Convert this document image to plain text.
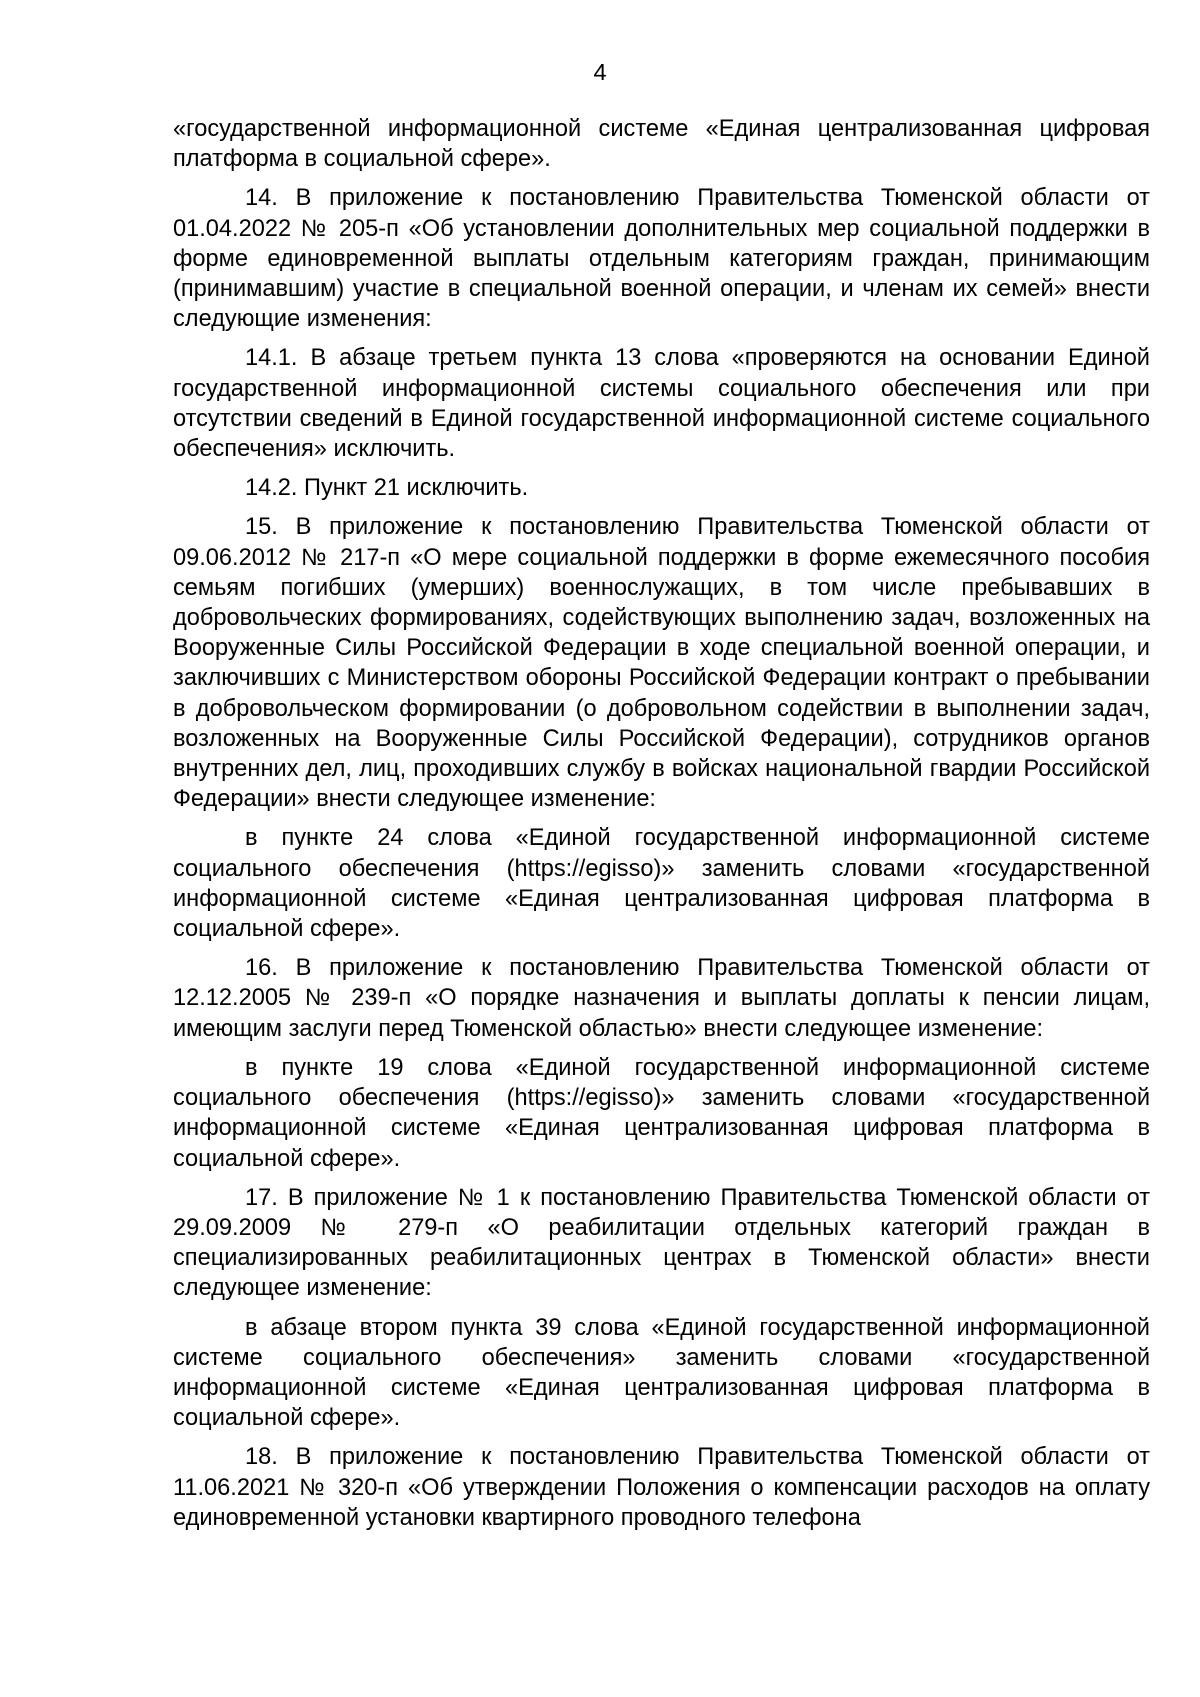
4

«государственной информационной системе «Единая централизованная цифровая платформа в социальной сфере».

14. В приложение к постановлению Правительства Тюменской области от 01.04.2022 № 205-п «Об установлении дополнительных мер социальной поддержки в форме единовременной выплаты отдельным категориям граждан, принимающим (принимавшим) участие в специальной военной операции, и членам их семей» внести следующие изменения:

14.1. В абзаце третьем пункта 13 слова «проверяются на основании Единой государственной информационной системы социального обеспечения или при отсутствии сведений в Единой государственной информационной системе социального обеспечения» исключить.

14.2. Пункт 21 исключить.

15. В приложение к постановлению Правительства Тюменской области от 09.06.2012 № 217-п «О мере социальной поддержки в форме ежемесячного пособия семьям погибших (умерших) военнослужащих, в том числе пребывавших в добровольческих формированиях, содействующих выполнению задач, возложенных на Вооруженные Силы Российской Федерации в ходе специальной военной операции, и заключивших с Министерством обороны Российской Федерации контракт о пребывании в добровольческом формировании (о добровольном содействии в выполнении задач, возложенных на Вооруженные Силы Российской Федерации), сотрудников органов внутренних дел, лиц, проходивших службу в войсках национальной гвардии Российской Федерации» внести следующее изменение:

в пункте 24 слова «Единой государственной информационной системе социального обеспечения (https://egisso)» заменить словами «государственной информационной системе «Единая централизованная цифровая платформа в социальной сфере».

16. В приложение к постановлению Правительства Тюменской области от 12.12.2005 № 239-п «О порядке назначения и выплаты доплаты к пенсии лицам, имеющим заслуги перед Тюменской областью» внести следующее изменение:

в пункте 19 слова «Единой государственной информационной системе социального обеспечения (https://egisso)» заменить словами «государственной информационной системе «Единая централизованная цифровая платформа в социальной сфере».

17. В приложение № 1 к постановлению Правительства Тюменской области от 29.09.2009 № 279-п «О реабилитации отдельных категорий граждан в специализированных реабилитационных центрах в Тюменской области» внести следующее изменение:

в абзаце втором пункта 39 слова «Единой государственной информационной системе социального обеспечения» заменить словами «государственной информационной системе «Единая централизованная цифровая платформа в социальной сфере».

18. В приложение к постановлению Правительства Тюменской области от 11.06.2021 № 320-п «Об утверждении Положения о компенсации расходов на оплату единовременной установки квартирного проводного телефона
